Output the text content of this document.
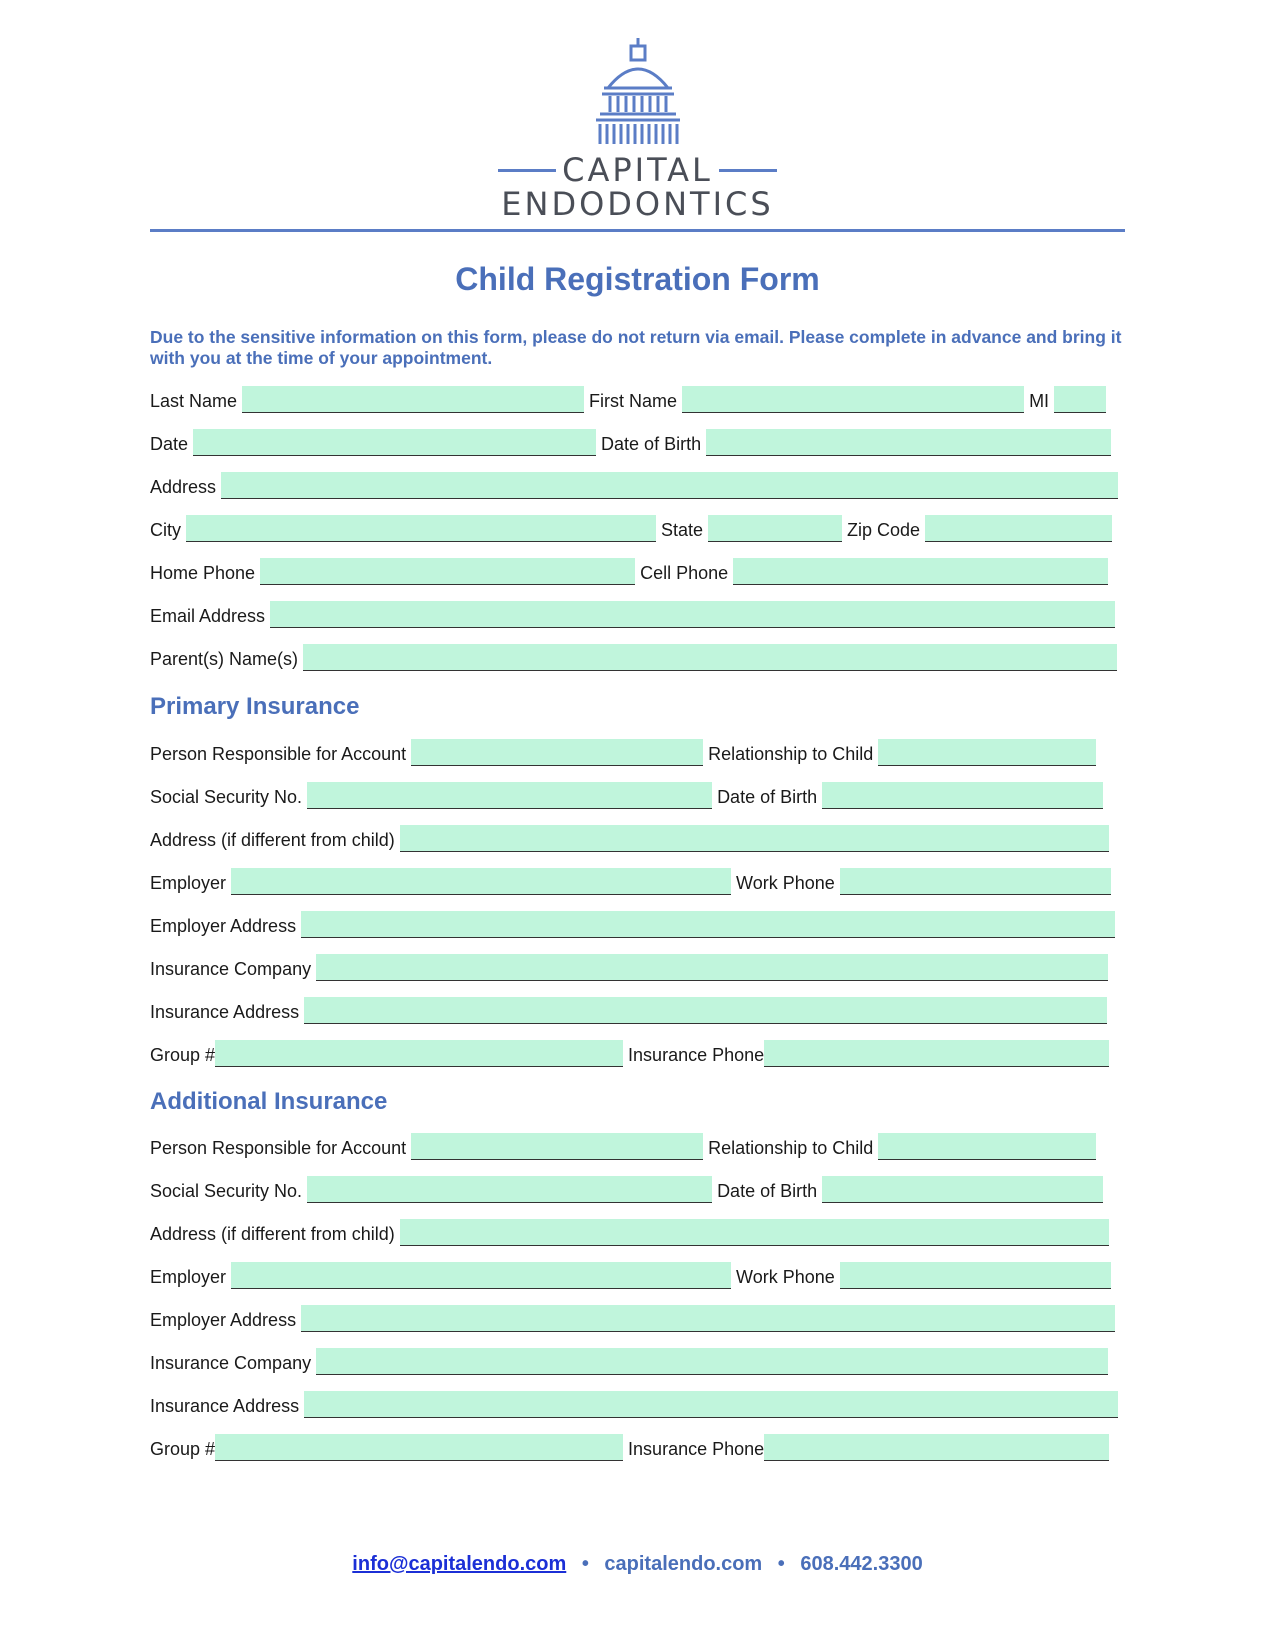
CAPITAL
ENDODONTICS
Child Registration Form
Due to the sensitive information on this form, please do not return via email. Please complete in advance and bring it with you at the time of your appointment.
Last Name	First Name	MI
Date	Date of Birth
Address
City	State	Zip Code
Home Phone	Cell Phone
Email Address
Parent(s) Name(s)
Primary Insurance
Person Responsible for Account	Relationship to Child
Social Security No.	Date of Birth
Address (if different from child)
Employer	Work Phone
Employer Address
Insurance Company
Insurance Address
Group #	Insurance Phone
Additional Insurance
Person Responsible for Account	Relationship to Child
Social Security No.	Date of Birth
Address (if different from child)
Employer	Work Phone
Employer Address
Insurance Company
Insurance Address
Group #	Insurance Phone
info@capitalendo.com • capitalendo.com • 608.442.3300
